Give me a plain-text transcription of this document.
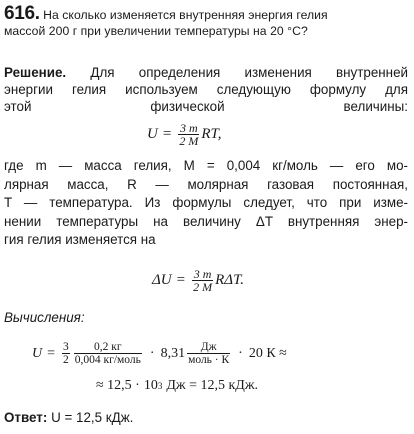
616. На сколько изменяется внутренняя энергия гелия
массой 200 г при увеличении температуры на 20 °С?
Решение. Для определения изменения внутренней
энергии гелия используем следующую формулу для
этой физической величины:
$U = \frac{3 m}{2 M}$ RT,
где m — масса гелия, M = 0,004 кг/моль — его мо-
лярная масса, R — молярная газовая постоянная,
T — температура. Из формулы следует, что при изме-
нении температуры на величину ΔT внутренняя энер-
гия гелия изменяется на
$\Delta U = \frac{3 m}{2 M} R\Delta T$.
Вычисления:
$U = \frac{3}{2} \frac{0,2 кг}{\text{0,004 кг/моль}} \cdot 8,31 \frac{Дж}{\text{моль · К}} \cdot 20$ К ≈
≈ 12,5 · 10 3 Дж = 12,5 кДж.
Ответ: U = 12,5 кДж.
